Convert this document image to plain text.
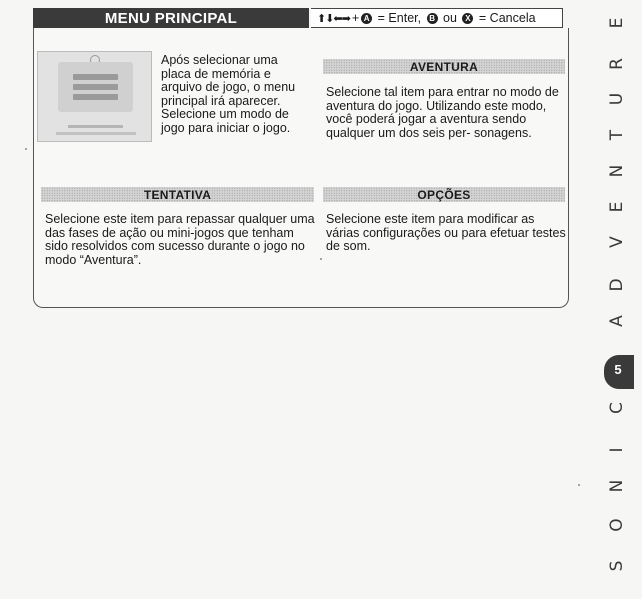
MENU PRINCIPAL	⬆⬇⬅➡ + A = Enter, B ou X = Cancela
Após selecionar uma placa de memória e arquivo de jogo, o menu principal irá aparecer. Selecione um modo de jogo para iniciar o jogo.
AVENTURA
Selecione tal item para entrar no modo de aventura do jogo. Utilizando este modo, você poderá jogar a aventura sendo qualquer um dos seis per- sonagens.
TENTATIVA
Selecione este item para repassar qualquer uma das fases de ação ou mini-jogos que tenham sido resolvidos com sucesso durante o jogo no modo “Aventura”.
OPÇÕES
Selecione este item para modificar as várias configurações ou para efetuar testes de som.
E
R
U
T
N
E
V
D
A
5
C
I
N
O
S
